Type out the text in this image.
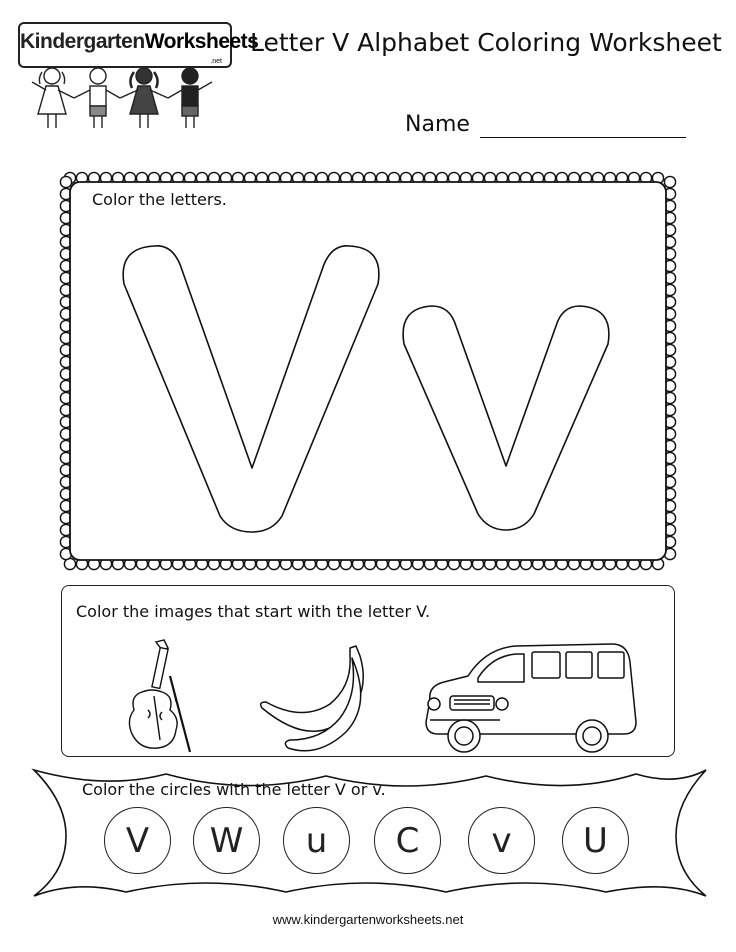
KindergartenWorksheets
.net
Letter V Alphabet Coloring Worksheet
Name
Color the letters.
Color the images that start with the letter V.
Color the circles with the letter V or v.
V	W	u	C	v	U
www.kindergartenworksheets.net
